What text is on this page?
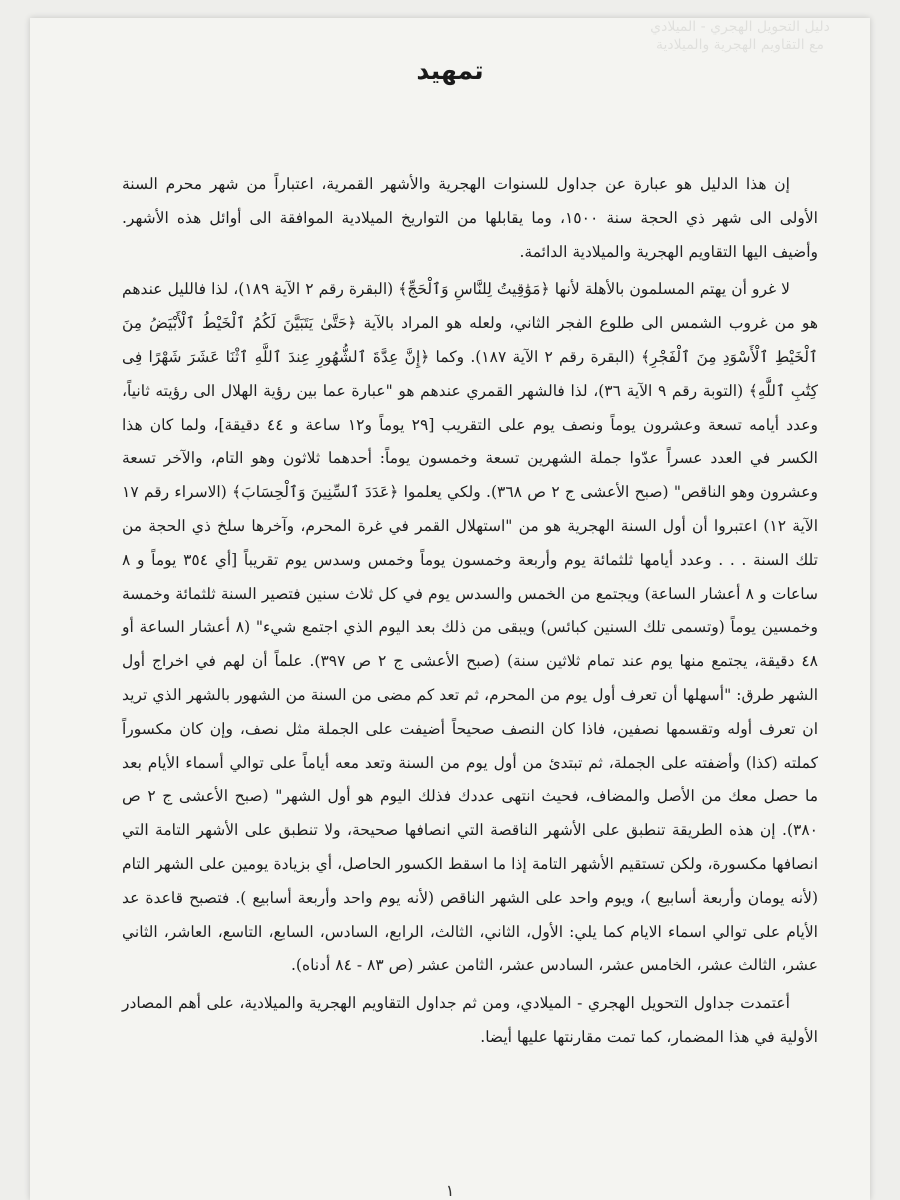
دليل التحويل الهجري - الميلادي
مع التقاويم الهجرية والميلادية
تمهيد

إن هذا الدليل هو عبارة عن جداول للسنوات الهجرية والأشهر القمرية، اعتباراً من شهر محرم السنة الأولى الى شهر ذي الحجة سنة ١٥٠٠، وما يقابلها من التواريخ الميلادية الموافقة الى أوائل هذه الأشهر. وأضيف اليها التقاويم الهجرية والميلادية الدائمة.

لا غرو أن يهتم المسلمون بالأهلة لأنها ﴿مَوَٰقِيتُ لِلنَّاسِ وَٱلْحَجِّ﴾ (البقرة رقم ٢ الآية ١٨٩)، لذا فالليل عندهم هو من غروب الشمس الى طلوع الفجر الثاني، ولعله هو المراد بالآية ﴿حَتَّىٰ يَتَبَيَّنَ لَكُمُ ٱلْخَيْطُ ٱلْأَبْيَضُ مِنَ ٱلْخَيْطِ ٱلْأَسْوَدِ مِنَ ٱلْفَجْرِ﴾ (البقرة رقم ٢ الآية ١٨٧). وكما ﴿إِنَّ عِدَّةَ ٱلشُّهُورِ عِندَ ٱللَّهِ ٱثْنَا عَشَرَ شَهْرًا فِى كِتَٰبِ ٱللَّهِ﴾ (التوبة رقم ٩ الآية ٣٦)، لذا فالشهر القمري عندهم هو "عبارة عما بين رؤية الهلال الى رؤيته ثانياً، وعدد أيامه تسعة وعشرون يوماً ونصف يوم على التقريب [٢٩ يوماً و١٢ ساعة و ٤٤ دقيقة]، ولما كان هذا الكسر في العدد عسراً عدّوا جملة الشهرين تسعة وخمسون يوماً: أحدهما ثلاثون وهو التام، والآخر تسعة وعشرون وهو الناقص" (صبح الأعشى ج ٢ ص ٣٦٨). ولكي يعلموا ﴿عَدَدَ ٱلسِّنِينَ وَٱلْحِسَابَ﴾ (الاسراء رقم ١٧ الآية ١٢) اعتبروا أن أول السنة الهجرية هو من "استهلال القمر في غرة المحرم، وآخرها سلخ ذي الحجة من تلك السنة . . . وعدد أيامها ثلثمائة يوم وأربعة وخمسون يوماً وخمس وسدس يوم تقريباً [أي ٣٥٤ يوماً و ٨ ساعات و ٨ أعشار الساعة) ويجتمع من الخمس والسدس يوم في كل ثلاث سنين فتصير السنة ثلثمائة وخمسة وخمسين يوماً (وتسمى تلك السنين كبائس) ويبقى من ذلك بعد اليوم الذي اجتمع شيء" (٨ أعشار الساعة أو ٤٨ دقيقة، يجتمع منها يوم عند تمام ثلاثين سنة) (صبح الأعشى ج ٢ ص ٣٩٧). علماً أن لهم في اخراج أول الشهر طرق: "أسهلها أن تعرف أول يوم من المحرم، ثم تعد كم مضى من السنة من الشهور بالشهر الذي تريد ان تعرف أوله وتقسمها نصفين، فاذا كان النصف صحيحاً أضيفت على الجملة مثل نصف، وإن كان مكسوراً كملته (كذا) وأضفته على الجملة، ثم تبتدئ من أول يوم من السنة وتعد معه أياماً على توالي أسماء الأيام بعد ما حصل معك من الأصل والمضاف، فحيث انتهى عددك فذلك اليوم هو أول الشهر" (صبح الأعشى ج ٢ ص ٣٨٠). إن هذه الطريقة تنطبق على الأشهر الناقصة التي انصافها صحيحة، ولا تنطبق على الأشهر التامة التي انصافها مكسورة، ولكن تستقيم الأشهر التامة إذا ما اسقط الكسور الحاصل، أي بزيادة يومين على الشهر التام (لأنه يومان وأربعة أسابيع )، ويوم واحد على الشهر الناقص (لأنه يوم واحد وأربعة أسابيع ). فتصبح قاعدة عد الأيام على توالي اسماء الايام كما يلي: الأول، الثاني، الثالث، الرابع، السادس، السابع، التاسع، العاشر، الثاني عشر، الثالث عشر، الخامس عشر، السادس عشر، الثامن عشر (ص ٨٣ - ٨٤ أدناه).

أعتمدت جداول التحويل الهجري - الميلادي، ومن ثم جداول التقاويم الهجرية والميلادية، على أهم المصادر الأولية في هذا المضمار، كما تمت مقارنتها عليها أيضا.

١
